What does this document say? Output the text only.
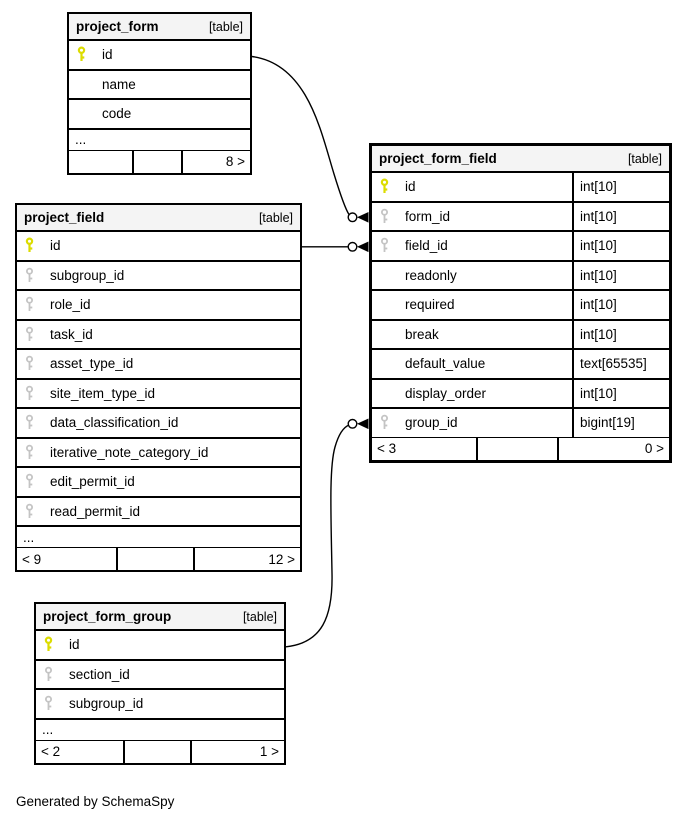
project_form	[table]
id
name
code
...
8 >
project_field	[table]
id
subgroup_id
role_id
task_id
asset_type_id
site_item_type_id
data_classification_id
iterative_note_category_id
edit_permit_id
read_permit_id
...
< 9	12 >
project_form_field	[table]
id	int[10]
form_id	int[10]
field_id	int[10]
readonly	int[10]
required	int[10]
break	int[10]
default_value	text[65535]
display_order	int[10]
group_id	bigint[19]
< 3	0 >
project_form_group	[table]
id
section_id
subgroup_id
...
< 2	1 >
Generated by SchemaSpy
